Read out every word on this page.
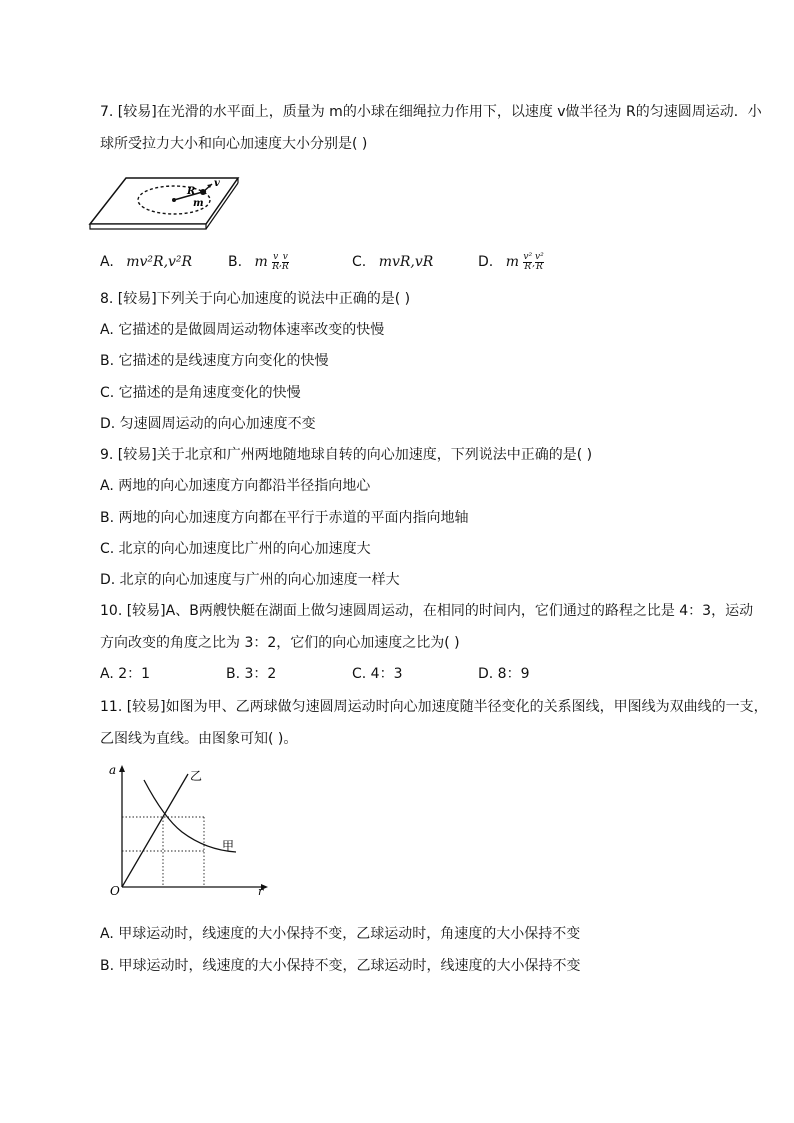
7. [较易]在光滑的水平面上，质量为 m的小球在细绳拉力作用下，以速度 v做半径为 R的匀速圆周运动．小
球所受拉力大小和向心加速度大小分别是( )
R
m
v
A. mv²R,v²R	B. m $\frac{v}{R}$ , $\frac{v}{R}$	C. mvR,vR	D. m $\frac{\text{v²}}{R}$ , $\frac{\text{v²}}{R}$
8. [较易]下列关于向心加速度的说法中正确的是( )
A. 它描述的是做圆周运动物体速率改变的快慢
B. 它描述的是线速度方向变化的快慢
C. 它描述的是角速度变化的快慢
D. 匀速圆周运动的向心加速度不变
9. [较易]关于北京和广州两地随地球自转的向心加速度，下列说法中正确的是( )
A. 两地的向心加速度方向都沿半径指向地心
B. 两地的向心加速度方向都在平行于赤道的平面内指向地轴
C. 北京的向心加速度比广州的向心加速度大
D. 北京的向心加速度与广州的向心加速度一样大
10. [较易]A、B两艘快艇在湖面上做匀速圆周运动，在相同的时间内，它们通过的路程之比是 4：3，运动
方向改变的角度之比为 3：2，它们的向心加速度之比为( )
A. 2：1	B. 3：2	C. 4：3	D. 8：9
11. [较易]如图为甲、乙两球做匀速圆周运动时向心加速度随半径变化的关系图线，甲图线为双曲线的一支，
乙图线为直线。由图象可知( )。
a
r
O
乙
甲
A. 甲球运动时，线速度的大小保持不变，乙球运动时，角速度的大小保持不变
B. 甲球运动时，线速度的大小保持不变，乙球运动时，线速度的大小保持不变
